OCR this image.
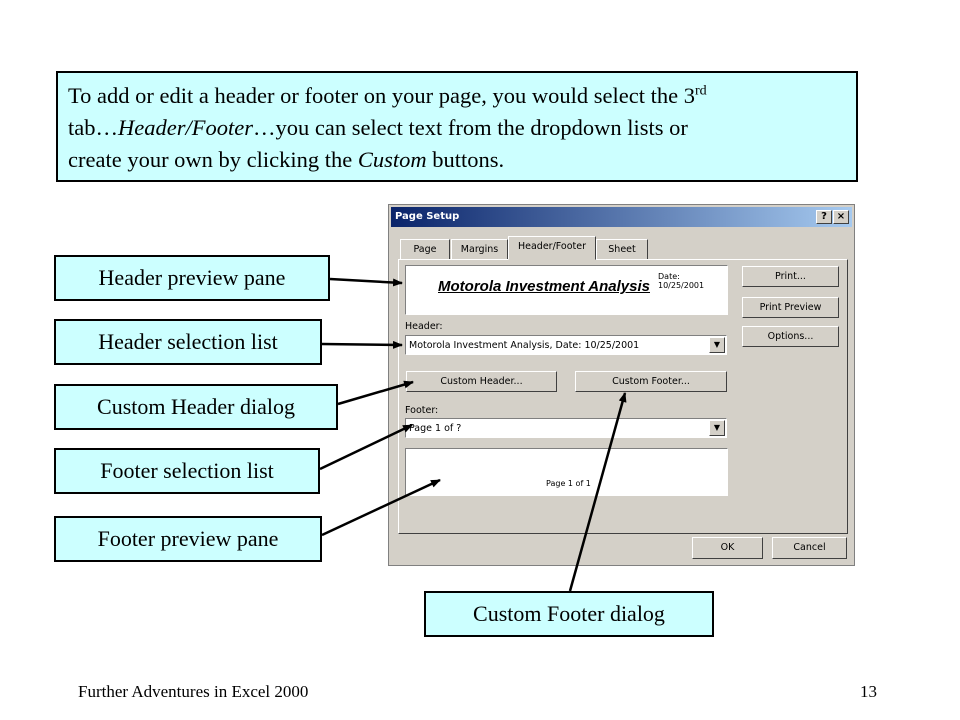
To add or edit a header or footer on your page, you would select the 3rd
tab…Header/Footer…you can select text from the dropdown lists or
create your own by clicking the Custom buttons.
Header preview pane
Header selection list
Custom Header dialog
Footer selection list
Footer preview pane
Custom Footer dialog
Page Setup	? ×
Page	Margins	Header/Footer	Sheet
Motorola Investment Analysis
Date: 10/25/2001
Header:
Motorola Investment Analysis, Date: 10/25/2001	▼
Custom Header...	Custom Footer...
Footer:
Page 1 of ?	▼
Page 1 of 1
Print...
Print Preview
Options...
OK	Cancel
Further Adventures in Excel 2000	13
